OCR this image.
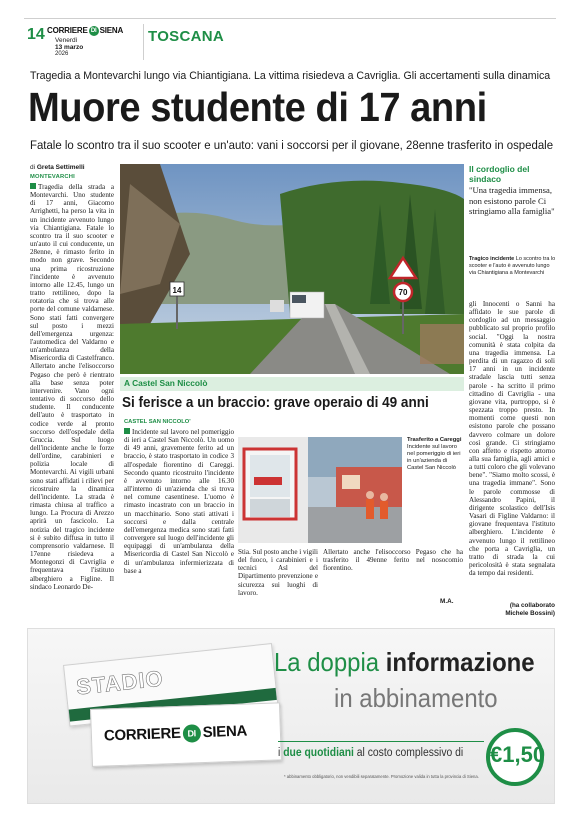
14 CORRIERE DI SIENA
Venerdì
13 marzo
2026
TOSCANA
Tragedia a Montevarchi lungo via Chiantigiana. La vittima risiedeva a Cavriglia. Gli accertamenti sulla dinamica
Muore studente di 17 anni
Fatale lo scontro tra il suo scooter e un'auto: vani i soccorsi per il giovane, 28enne trasferito in ospedale
di Greta Settimelli
MONTEVARCHI

Tragedia della strada a Montevarchi. Uno studente di 17 anni, Giacomo Arrighetti, ha perso la vita in un incidente avvenuto lungo via Chiantigiana. Fatale lo scontro tra il suo scooter e un'auto il cui conducente, un 28enne, è rimasto ferito in modo non grave. Secondo una prima ricostruzione l'incidente è avvenuto intorno alle 12.45, lungo un tratto rettilineo, dopo la rotatoria che si trova alle porte del comune valdarnese. Sono stati fatti convergere sul posto i mezzi dell'emergenza urgenza: l'automedica del Valdarno e un'ambulanza della Misericordia di Castelfranco. Allertato anche l'elisoccorso Pegaso che però è rientrato alla base senza poter intervenire. Vano ogni tentativo di soccorso dello studente. Il conducente dell'auto è trasportato in codice verde al pronto soccorso dell'ospedale della Gruccia. Sul luogo dell'incidente anche le forze dell'ordine, carabinieri e polizia locale di Montevarchi. Ai vigili urbani sono stati affidati i rilievi per ricostruire la dinamica dell'incidente. La strada è rimasta chiusa al traffico a lungo. La Procura di Arezzo aprirà un fascicolo. La notizia del tragico incidente si è subito diffusa in tutto il comprensorio valdarnese. Il 17enne risiedeva a Montegonzi di Cavriglia e frequentava l'istituto alberghiero a Figline. Il sindaco Leonardo De-

14	70
Il cordoglio del sindaco
"Una tragedia immensa, non esistono parole Ci stringiamo alla famiglia"
Tragico incidente Lo scontro tra lo scooter e l'auto è avvenuto lungo via Chiantigiana a Montevarchi
gli Innocenti o Sanni ha affidato le sue parole di cordoglio ad un messaggio pubblicato sul proprio profilo social. "Oggi la nostra comunità è stata colpita da una tragedia immensa. La perdita di un ragazzo di soli 17 anni in un incidente stradale lascia tutti senza parole - ha scritto il primo cittadino di Cavriglia - una giovane vita, purtroppo, si è spezzata troppo presto. In momenti come questi non esistono parole che possano davvero colmare un dolore così grande. Ci stringiamo con affetto e rispetto attorno alla sua famiglia, agli amici e a tutti coloro che gli volevano bene". "Siamo molto scossi, è una tragedia immane". Sono le parole commosse di Alessandro Papini, il dirigente scolastico dell'Isis Vasari di Figline Valdarno: il giovane frequentava l'istituto alberghiero. L'incidente è avvenuto lungo il rettilineo che porta a Cavriglia, un tratto di strada la cui pericolosità è stata segnalata da tempo dai residenti.
(ha collaborato
Michele Bossini)
A Castel San Niccolò
Si ferisce a un braccio: grave operaio di 49 anni
CASTEL SAN NICCOLO'
Incidente sul lavoro nel pomeriggio di ieri a Castel San Niccolò. Un uomo di 49 anni, gravemente ferito ad un braccio, è stato trasportato in codice 3 all'ospedale fiorentino di Careggi. Secondo quanto ricostruito l'incidente è avvenuto intorno alle 16.30 all'interno di un'azienda che si trova nel comune casentinese. L'uomo è rimasto incastrato con un braccio in un macchinario. Sono stati attivati i soccorsi e dalla centrale dell'emergenza medica sono stati fatti convergere sul luogo dell'incidente gli equipaggi di un'ambulanza della Misericordia di Castel San Niccolò e di un'ambulanza infermierizzata di base a
Trasferito a Careggi
Incidente sul lavoro nel pomeriggio di ieri in un'azienda di Castel San Niccolò
Stia. Sul posto anche i vigili del fuoco, i carabinieri e i tecnici Asl del Dipartimento prevenzione e sicurezza sui luoghi di lavoro.
Allertato anche l'elisoccorso Pegaso che ha trasferito il 49enne ferito nel nosocomio fiorentino.
M.A.
STADIO
CORRIERE DI SIENA
La doppia informazione
in abbinamento
i due quotidiani al costo complessivo di €1,50
* abbinamento obbligatorio, non vendibili separatamente. Promozione valida in tutta la provincia di Siena.
